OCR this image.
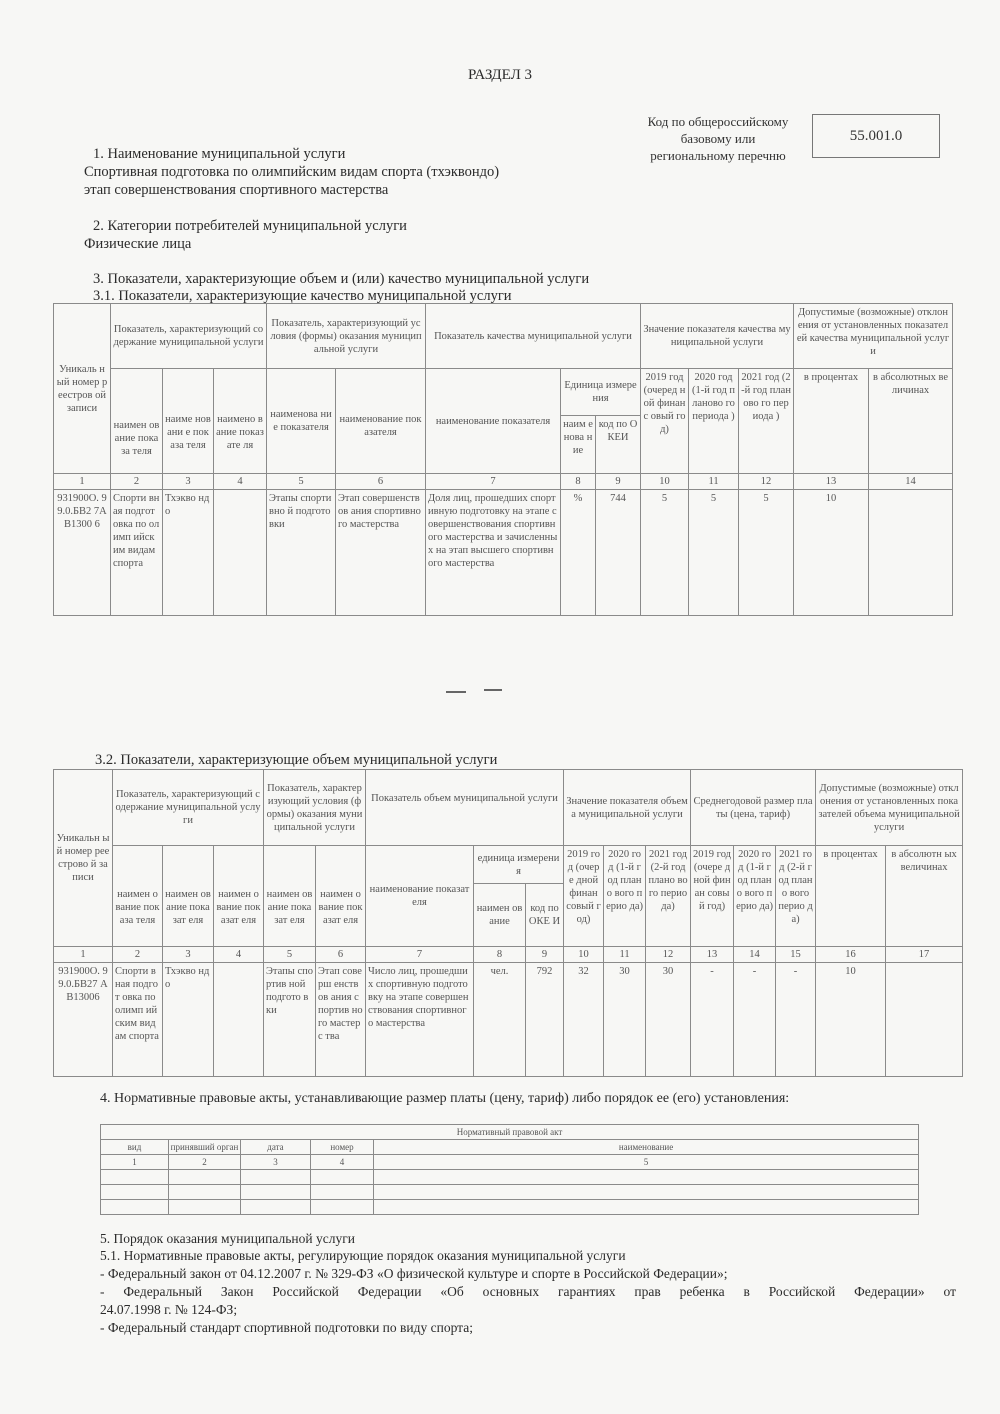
РАЗДЕЛ 3
Код по общероссийскому
базовому или
региональному перечню
55.001.0
1. Наименование муниципальной услуги
Спортивная подготовка по олимпийским видам спорта (тхэквондо)
этап совершенствования спортивного мастерства
2. Категории потребителей муниципальной услуги
Физические лица
3. Показатели, характеризующие объем и (или) качество муниципальной услуги
3.1. Показатели, характеризующие качество муниципальной услуги
Уникаль ный номер реестров ой записи	Показатель, характеризующий содержание муниципальной услуги			Показатель, характеризующий условия (формы) оказания муниципальной услуги		Показатель качества муниципальной услуги			Значение показателя качества муниципальной услуги			Допустимые (возможные) отклонения от установленных показателей качества муниципальной услуги	
	наимен ование показа теля	наиме новани е показа теля	наимено вание показате ля	наименова ние показателя	наименование показателя	наименование показателя	Единица измерения		2019 год (очеред ной финанс овый год)	2020 год (1-й год планово го периода )	2021 год (2-й год планово го периода )	в процентах	в абсолютных величинах
							наим енова ние	код по ОКЕИ					
1	2	3	4	5	6	7	8	9	10	11	12	13	14
931900О. 99.0.БВ2 7АВ1300 6	Спорти вная подгот овка по олимп ийским видам спорта	Тхэкво ндо		Этапы спортивно й подготовки	Этап совершенствов ания спортивного мастерства	Доля лиц, прошедших спортивную подготовку на этапе совершенствования спортивного мастерства и зачисленных на этап высшего спортивного мастерства	%	744	5	5	5	10	
3.2. Показатели, характеризующие объем муниципальной услуги
Уникальн ый номер реестрово й записи	Показатель, характеризующий содержание муниципальной услуги			Показатель, характеризующий условия (формы) оказания муниципальной услуги		Показатель объем муниципальной услуги			Значение показателя объема муниципальной услуги			Среднегодовой размер платы (цена, тариф)			Допустимые (возможные) отклонения от установленных показателей объема муниципальной услуги	
	наимен ование показа теля	наимен ование показат еля	наимен ование показат еля	наимен ование показат еля	наимен ование показат еля	наименование показателя	единица измерения		2019 год (очере дной финан совый год)	2020 год (1-й год плано вого перио да)	2021 год (2-й год плано вого перио да)	2019 год (очере дной финан совый год)	2020 год (1-й год плано вого перио да)	2021 год (2-й год плано вого перио да)	в процентах	в абсолютн ых величинах
							наимен ование	код по ОКЕ И								
1	2	3	4	5	6	7	8	9	10	11	12	13	14	15	16	17
931900О. 99.0.БВ27 АВ13006	Спорти вная подгот овка по олимп ийским видам спорта	Тхэкво ндо		Этапы спортив ной подгото вки	Этап соверш енствов ания спортив ного мастерс тва	Число лиц, прошедших спортивную подготовку на этапе совершенствования спортивного мастерства	чел.	792	32	30	30	-	-	-	10	
4. Нормативные правовые акты, устанавливающие размер платы (цену, тариф) либо порядок ее (его) установления:
Нормативный правовой акт				
вид	принявший орган	дата	номер	наименование
1	2	3	4	5

5. Порядок оказания муниципальной услуги
5.1. Нормативные правовые акты, регулирующие порядок оказания муниципальной услуги
- Федеральный закон от 04.12.2007 г. № 329-ФЗ «О физической культуре и спорте в Российской Федерации»;
- Федеральный Закон Российской Федерации «Об основных гарантиях прав ребенка в Российской Федерации» от
24.07.1998 г. № 124-ФЗ;
- Федеральный стандарт спортивной подготовки по виду спорта;
